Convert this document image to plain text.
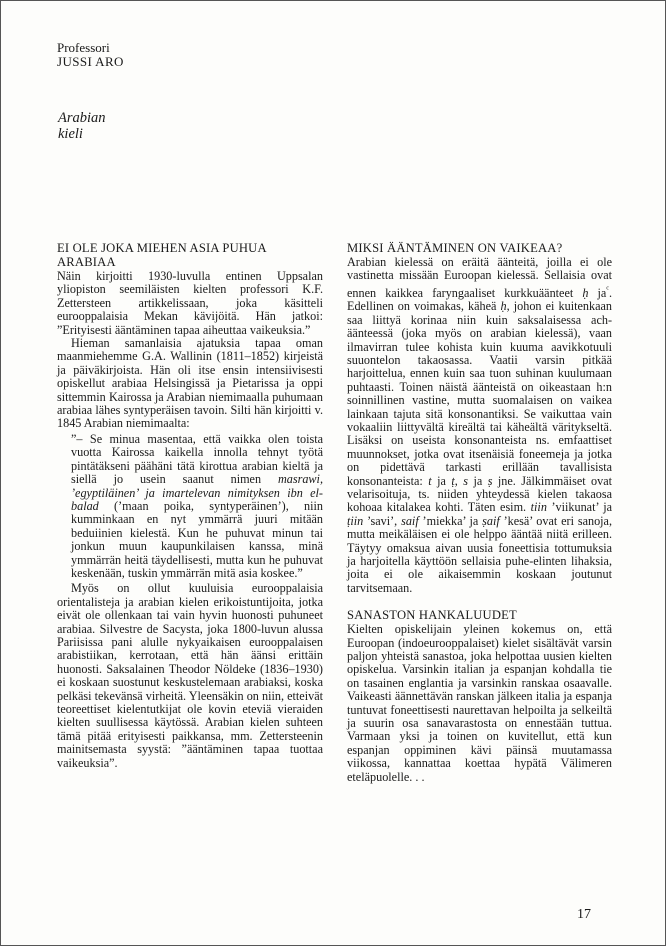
Professori
JUSSI ARO
Arabian
kieli
EI OLE JOKA MIEHEN ASIA PUHUA ARABIAA

Näin kirjoitti 1930-luvulla entinen Uppsalan yliopiston seemiläisten kielten professori K.F. Zettersteen artikkelissaan, joka käsitteli eurooppalaisia Mekan kävijöitä. Hän jatkoi: ”Erityisesti ääntäminen tapaa aiheuttaa vaikeuksia.”

Hieman samanlaisia ajatuksia tapaa oman maanmiehemme G.A. Wallinin (1811–1852) kirjeistä ja päiväkirjoista. Hän oli itse ensin intensiivisesti opiskellut arabiaa Helsingissä ja Pietarissa ja oppi sittemmin Kairossa ja Arabian niemimaalla puhumaan arabiaa lähes syntyperäisen tavoin. Silti hän kirjoitti v. 1845 Arabian niemimaalta:

”– Se minua masentaa, että vaikka olen toista vuotta Kairossa kaikella innolla tehnyt työtä pintätäkseni päähäni tätä kirottua arabian kieltä ja siellä jo usein saanut nimen masrawi, ’egyptiläinen’ ja imartelevan nimityksen ibn el-balad (’maan poika, syntyperäinen’), niin kumminkaan en nyt ymmärrä juuri mitään beduiinien kielestä. Kun he puhuvat minun tai jonkun muun kaupunkilaisen kanssa, minä ymmärrän heitä täydellisesti, mutta kun he puhuvat keskenään, tuskin ymmärrän mitä asia koskee.”

Myös on ollut kuuluisia eurooppalaisia orientalisteja ja arabian kielen erikoistuntijoita, jotka eivät ole ollenkaan tai vain hyvin huonosti puhuneet arabiaa. Silvestre de Sacysta, joka 1800-luvun alussa Pariisissa pani alulle nykyaikaisen eurooppalaisen arabistiikan, kerrotaan, että hän äänsi erittäin huonosti. Saksalainen Theodor Nöldeke (1836–1930) ei koskaan suostunut keskustelemaan arabiaksi, koska pelkäsi tekevänsä virheitä. Yleensäkin on niin, etteivät teoreettiset kielentutkijat ole kovin eteviä vieraiden kielten suullisessa käytössä. Arabian kielen suhteen tämä pitää erityisesti paikkansa, mm. Zettersteenin mainitsemasta syystä: ”ääntäminen tapaa tuottaa vaikeuksia”.

MIKSI ÄÄNTÄMINEN ON VAIKEAA?

Arabian kielessä on eräitä äänteitä, joilla ei ole vastinetta missään Euroopan kielessä. Sellaisia ovat ennen kaikkea faryngaaliset kurkkuäänteet ḥ $ja^ᶜ$. Edellinen on voimakas, käheä ḥ, johon ei kuitenkaan saa liittyä korinaa niin kuin saksalaisessa ach-äänteessä (joka myös on arabian kielessä), vaan ilmavirran tulee kohista kuin kuuma aavikkotuuli suuontelon takaosassa. Vaatii varsin pitkää harjoittelua, ennen kuin saa tuon suhinan kuulumaan puhtaasti. Toinen näistä äänteistä on oikeastaan h:n soinnillinen vastine, mutta suomalaisen on vaikea lainkaan tajuta sitä konsonantiksi. Se vaikuttaa vain vokaaliin liittyvältä kireältä tai käheältä väritykseltä. Lisäksi on useista konsonanteista ns. emfaattiset muunnokset, jotka ovat itsenäisiä foneemeja ja jotka on pidettävä tarkasti erillään tavallisista konsonanteista: t ja ṭ, s ja ṣ jne. Jälkimmäiset ovat velarisoituja, ts. niiden yhteydessä kielen takaosa kohoaa kitalakea kohti. Täten esim. tiin ’viikunat’ ja ṭiin ’savi’, saif ’miekka’ ja ṣaif ’kesä’ ovat eri sanoja, mutta meikäläisen ei ole helppo ääntää niitä erilleen. Täytyy omaksua aivan uusia foneettisia tottumuksia ja harjoitella käyttöön sellaisia puhe-elinten lihaksia, joita ei ole aikaisemmin koskaan joutunut tarvitsemaan.

SANASTON HANKALUUDET

Kielten opiskelijain yleinen kokemus on, että Euroopan (indoeurooppalaiset) kielet sisältävät varsin paljon yhteistä sanastoa, joka helpottaa uusien kielten opiskelua. Varsinkin italian ja espanjan kohdalla tie on tasainen englantia ja varsinkin ranskaa osaavalle. Vaikeasti äännettävän ranskan jälkeen italia ja espanja tuntuvat foneettisesti naurettavan helpoilta ja selkeiltä ja suurin osa sanavarastosta on ennestään tuttua. Varmaan yksi ja toinen on kuvitellut, että kun espanjan oppiminen kävi päinsä muutamassa viikossa, kannattaa koettaa hypätä Välimeren eteläpuolelle. . .

17
